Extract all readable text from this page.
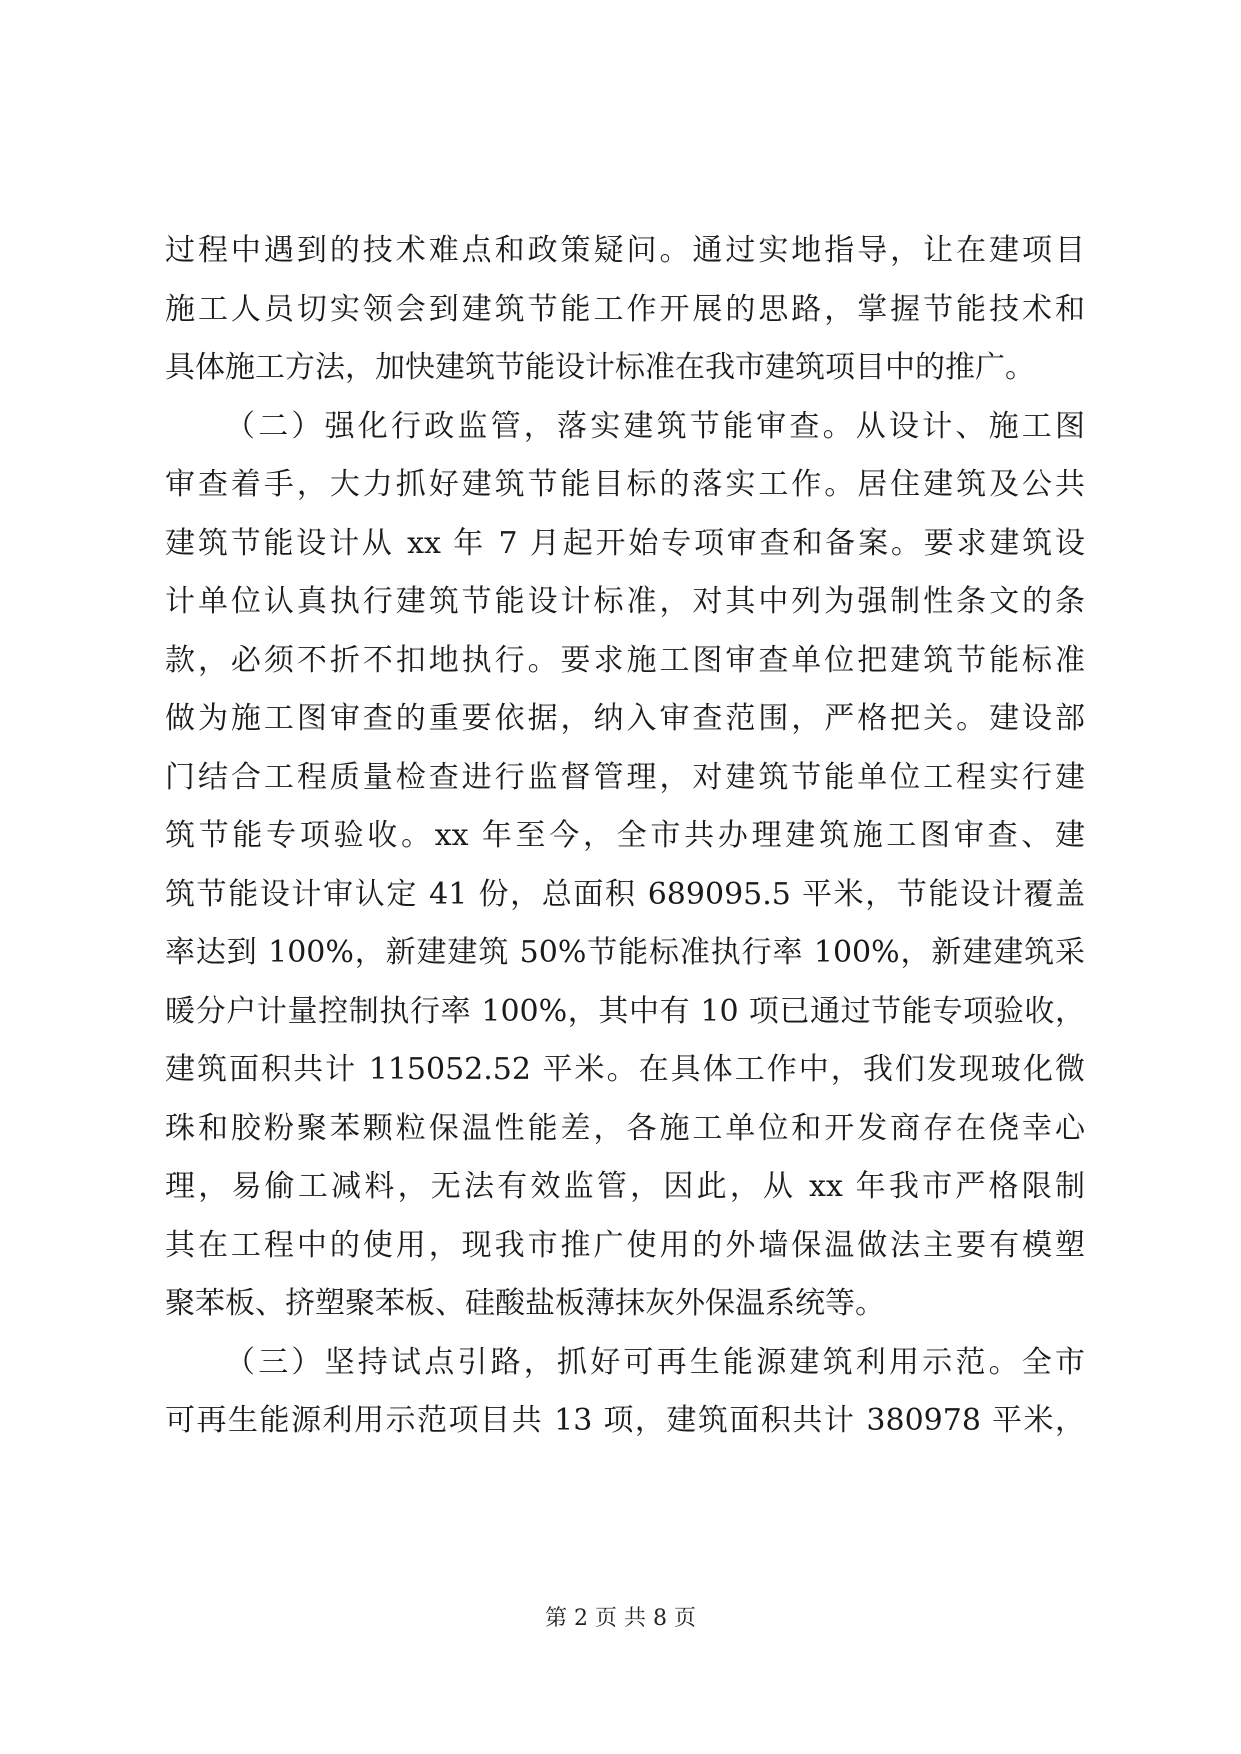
过程中遇到的技术难点和政策疑问。通过实地指导，让在建项目
施工人员切实领会到建筑节能工作开展的思路，掌握节能技术和
具体施工方法，加快建筑节能设计标准在我市建筑项目中的推广。
（二）强化行政监管，落实建筑节能审查。从设计、施工图
审查着手，大力抓好建筑节能目标的落实工作。居住建筑及公共
建筑节能设计从 xx 年 7 月起开始专项审查和备案。要求建筑设
计单位认真执行建筑节能设计标准，对其中列为强制性条文的条
款，必须不折不扣地执行。要求施工图审查单位把建筑节能标准
做为施工图审查的重要依据，纳入审查范围，严格把关。建设部
门结合工程质量检查进行监督管理，对建筑节能单位工程实行建
筑节能专项验收。xx 年至今，全市共办理建筑施工图审查、建
筑节能设计审认定 41 份，总面积 689095.5 平米，节能设计覆盖
率达到 100%，新建建筑 50%节能标准执行率 100%，新建建筑采
暖分户计量控制执行率 100%，其中有 10 项已通过节能专项验收，
建筑面积共计 115052.52 平米。在具体工作中，我们发现玻化微
珠和胶粉聚苯颗粒保温性能差，各施工单位和开发商存在侥幸心
理，易偷工减料，无法有效监管，因此，从 xx 年我市严格限制
其在工程中的使用，现我市推广使用的外墙保温做法主要有模塑
聚苯板、挤塑聚苯板、硅酸盐板薄抹灰外保温系统等。
（三）坚持试点引路，抓好可再生能源建筑利用示范。全市
可再生能源利用示范项目共 13 项，建筑面积共计 380978 平米，
第 2 页 共 8 页
